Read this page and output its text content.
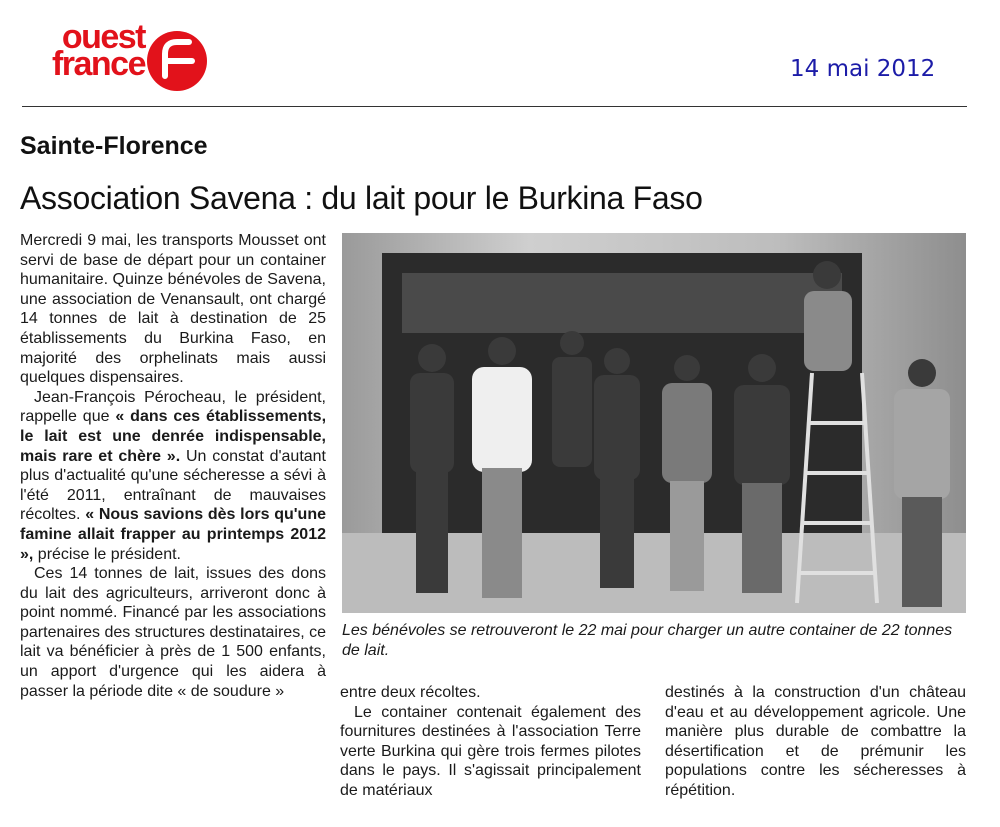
ouest
france	14 mai 2012
Sainte-Florence
Association Savena : du lait pour le Burkina Faso

Mercredi 9 mai, les transports Mousset ont servi de base de départ pour un container humanitaire. Quinze bénévoles de Savena, une association de Venansault, ont chargé 14 tonnes de lait à destination de 25 établissements du Burkina Faso, en majorité des orphelinats mais aussi quelques dispensaires.

Jean-François Pérocheau, le président, rappelle que « dans ces établissements, le lait est une denrée indispensable, mais rare et chère ». Un constat d'autant plus d'actualité qu'une sécheresse a sévi à l'été 2011, entraînant de mauvaises récoltes. « Nous savions dès lors qu'une famine allait frapper au printemps 2012 », précise le président.

Ces 14 tonnes de lait, issues des dons du lait des agriculteurs, arriveront donc à point nommé. Financé par les associations partenaires des structures destinataires, ce lait va bénéficier à près de 1 500 enfants, un apport d'urgence qui les aidera à passer la période dite « de soudure »

Les bénévoles se retrouveront le 22 mai pour charger un autre container de 22 tonnes de lait.

entre deux récoltes.

Le container contenait également des fournitures destinées à l'association Terre verte Burkina qui gère trois fermes pilotes dans le pays. Il s'agissait principalement de matériaux

destinés à la construction d'un château d'eau et au développement agricole. Une manière plus durable de combattre la désertification et de prémunir les populations contre les sécheresses à répétition.
